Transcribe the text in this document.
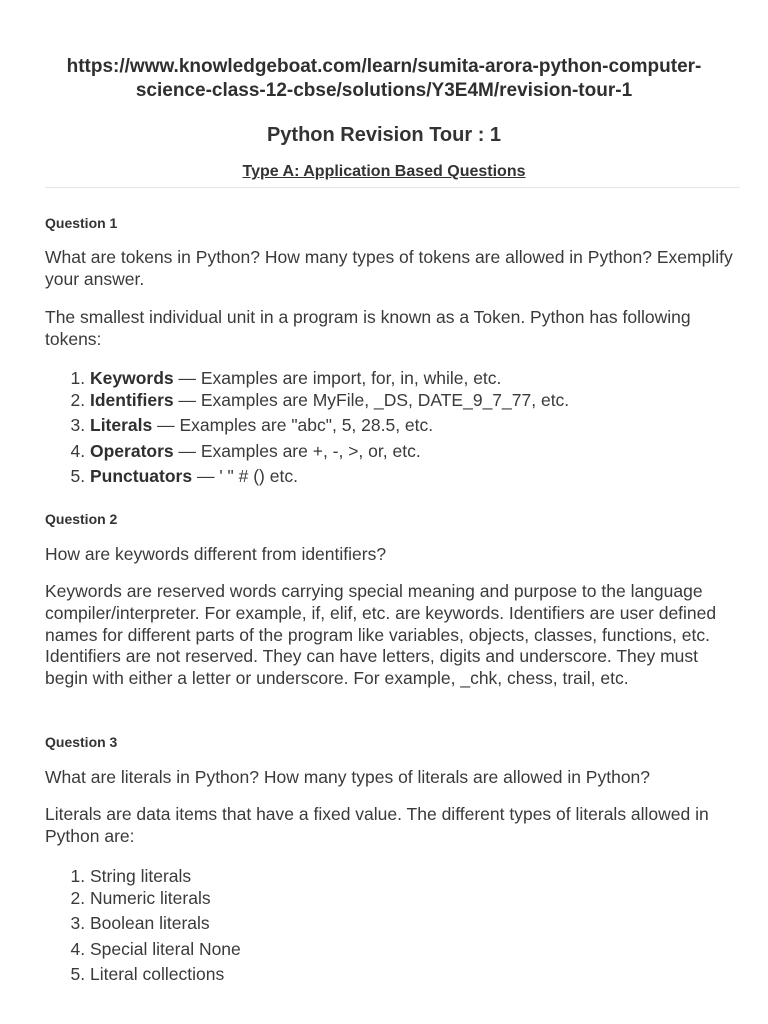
https://www.knowledgeboat.com/learn/sumita-arora-python-computer-
science-class-12-cbse/solutions/Y3E4M/revision-tour-1
Python Revision Tour : 1
Type A: Application Based Questions
Question 1
What are tokens in Python? How many types of tokens are allowed in Python? Exemplify your answer.
The smallest individual unit in a program is known as a Token. Python has following tokens:
1. Keywords — Examples are import, for, in, while, etc.
2. Identifiers — Examples are MyFile, _DS, DATE_9_7_77, etc.
3. Literals — Examples are "abc", 5, 28.5, etc.
4. Operators — Examples are +, -, >, or, etc.
5. Punctuators — ' " # () etc.
Question 2
How are keywords different from identifiers?
Keywords are reserved words carrying special meaning and purpose to the language compiler/interpreter. For example, if, elif, etc. are keywords. Identifiers are user defined names for different parts of the program like variables, objects, classes, functions, etc. Identifiers are not reserved. They can have letters, digits and underscore. They must begin with either a letter or underscore. For example, _chk, chess, trail, etc.
Question 3
What are literals in Python? How many types of literals are allowed in Python?
Literals are data items that have a fixed value. The different types of literals allowed in Python are:
1. String literals
2. Numeric literals
3. Boolean literals
4. Special literal None
5. Literal collections
